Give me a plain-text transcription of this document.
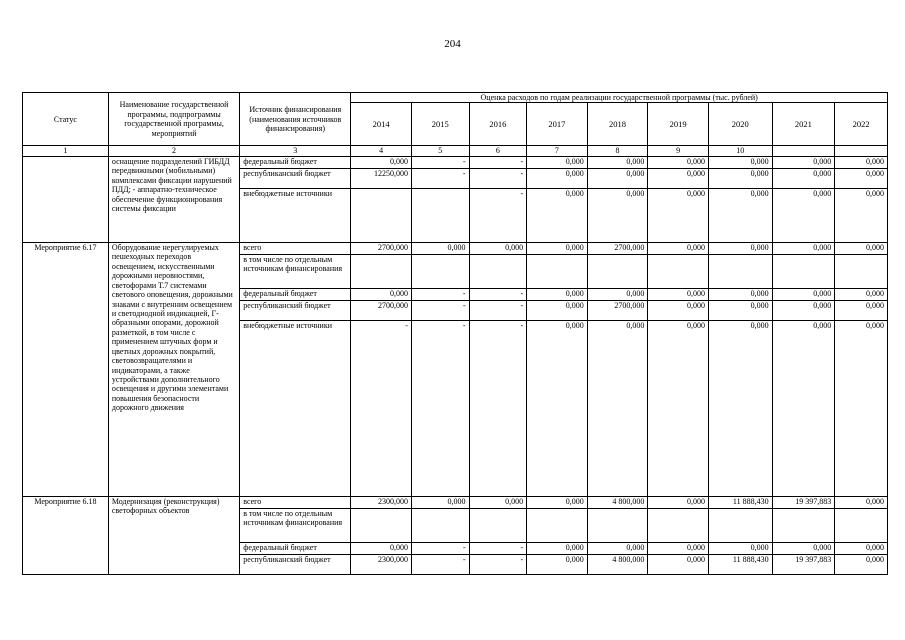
204
Статус	Наименование государственной программы, подпрограммы государственной программы, мероприятий	Источник финансирования (наименования источников финансирования)	Оценка расходов по годам реализации государственной программы (тыс. рублей)								
			2014	2015	2016	2017	2018	2019	2020	2021	2022
1	2	3	4	5	6	7	8	9	10		
	оснащение подразделений ГИБДД передвижными (мобильными) комплексами фиксации нарушений ПДД; - аппаратно-техническое обеспечение функционирования системы фиксации	федеральный бюджет	0,000	-	-	0,000	0,000	0,000	0,000	0,000	0,000
		республиканский бюджет	12250,000	-	-	0,000	0,000	0,000	0,000	0,000	0,000
		внебюджетные источники			-	0,000	0,000	0,000	0,000	0,000	0,000
Мероприятие 6.17	Оборудование нерегулируемых пешеходных переходов освещением, искусственными дорожными неровностями, светофорами Т.7 системами светового оповещения, дорожными знаками с внутренним освещением и светодиодной индикацией, Г-образными опорами, дорожной разметкой, в том числе с применением штучных форм и цветных дорожных покрытий, световозвращателями и индикаторами, а также устройствами дополнительного освещения и другими элементами повышения безопасности дорожного движения	всего	2700,000	0,000	0,000	0,000	2700,000	0,000	0,000	0,000	0,000
		в том числе по отдельным источникам финансирования									
		федеральный бюджет	0,000	-	-	0,000	0,000	0,000	0,000	0,000	0,000
		республиканский бюджет	2700,000	-	-	0,000	2700,000	0,000	0,000	0,000	0,000
		внебюджетные источники	-	-	-	0,000	0,000	0,000	0,000	0,000	0,000
Мероприятие 6.18	Модернизация (реконструкция) светофорных объектов	всего	2300,000	0,000	0,000	0,000	4 800,000	0,000	11 888,430	19 397,883	0,000
		в том числе по отдельным источникам финансирования									
		федеральный бюджет	0,000	-	-	0,000	0,000	0,000	0,000	0,000	0,000
		республиканский бюджет	2300,000	-	-	0,000	4 800,000	0,000	11 888,430	19 397,883	0,000
